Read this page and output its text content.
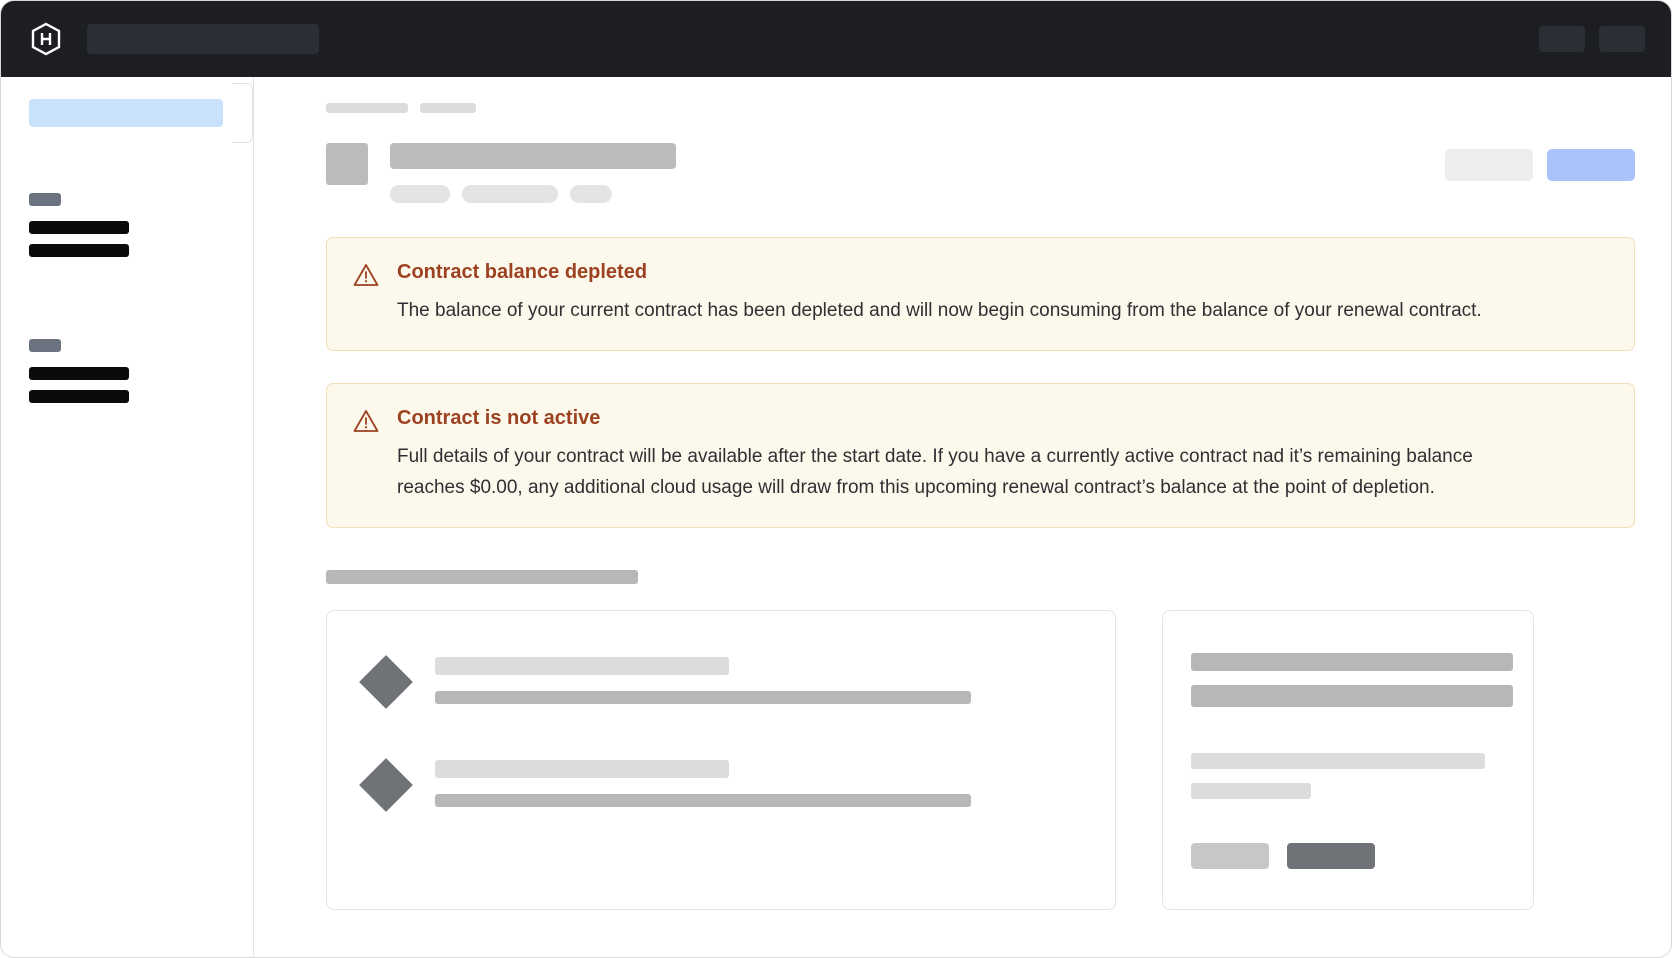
Contract balance depleted

The balance of your current contract has been depleted and will now begin consuming from the balance of your renewal contract.

Contract is not active

Full details of your contract will be available after the start date. If you have a currently active contract nad it’s remaining balance reaches $0.00, any additional cloud usage will draw from this upcoming renewal contract’s balance at the point of depletion.
